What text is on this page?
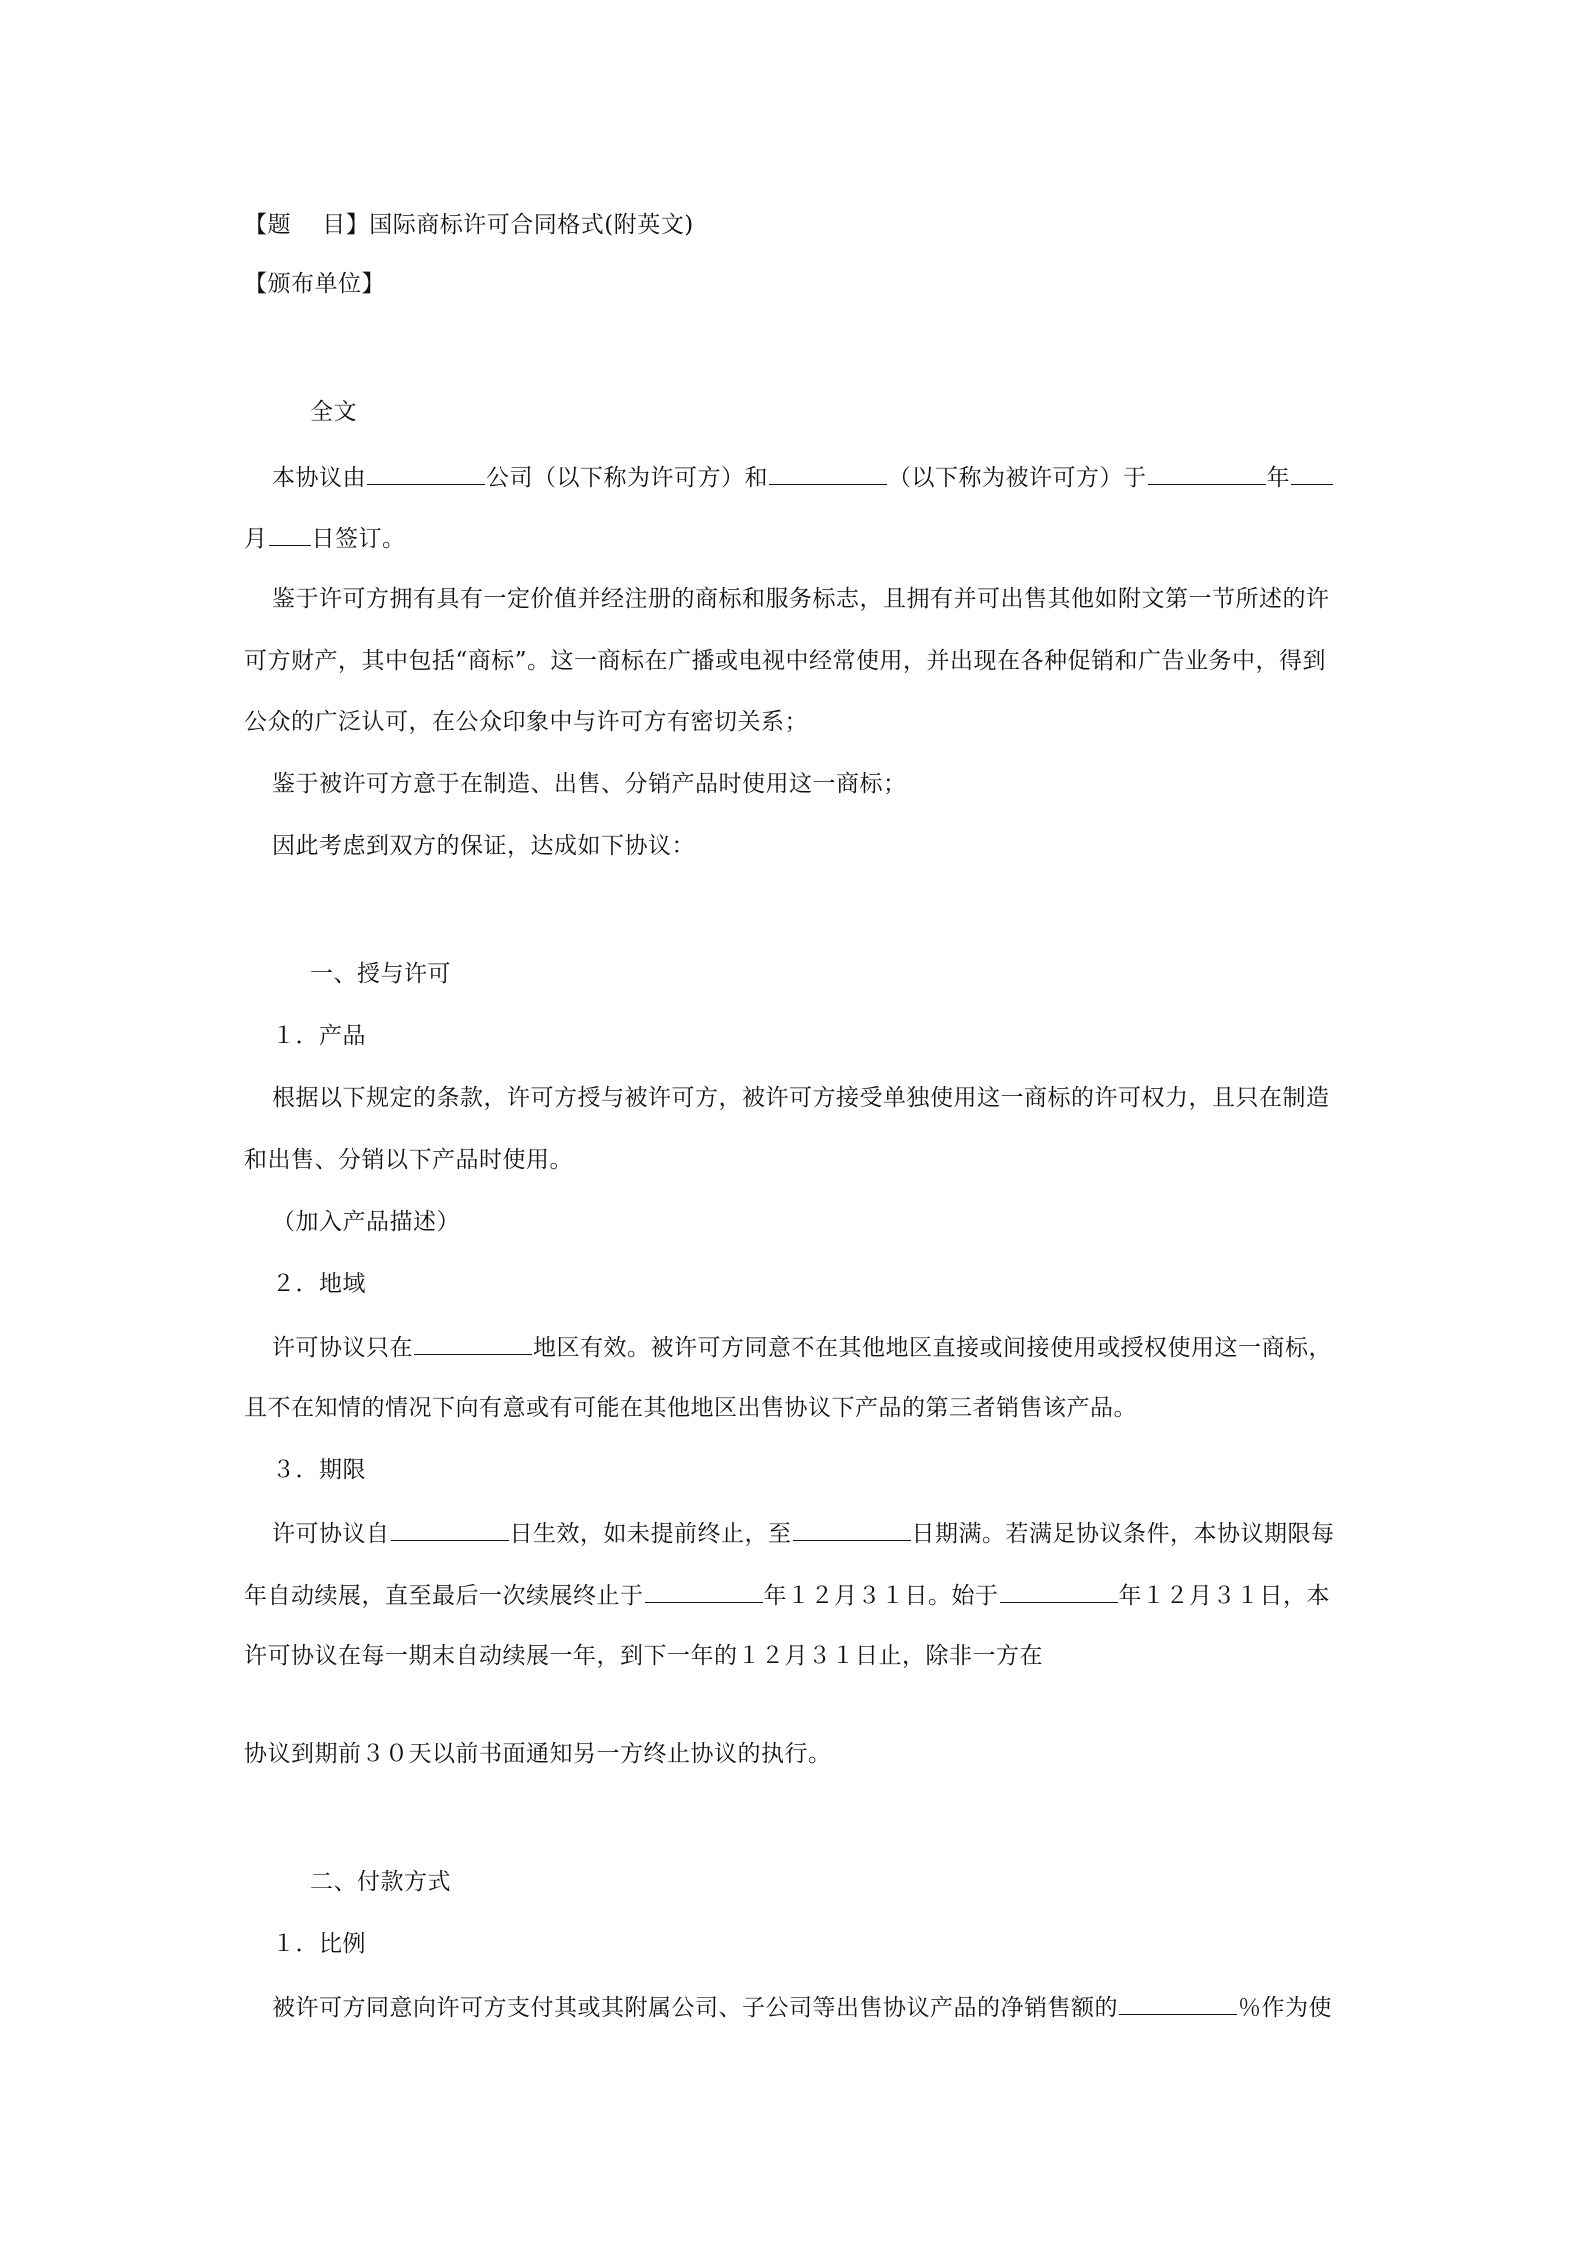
【题　 目】国际商标许可合同格式(附英文)
【颁布单位】
全文
本协议由	公司（以下称为许可方）和	（以下称为被许可方）于	年
月 日签订。
鉴于许可方拥有具有一定价值并经注册的商标和服务标志，且拥有并可出售其他如附文第一节所述的许
可方财产，其中包括“商标”。这一商标在广播或电视中经常使用，并出现在各种促销和广告业务中，得到
公众的广泛认可，在公众印象中与许可方有密切关系；
鉴于被许可方意于在制造、出售、分销产品时使用这一商标；
因此考虑到双方的保证，达成如下协议：
一、授与许可
１．产品
根据以下规定的条款，许可方授与被许可方，被许可方接受单独使用这一商标的许可权力，且只在制造
和出售、分销以下产品时使用。
（加入产品描述）
２．地域
许可协议只在	地区有效。被许可方同意不在其他地区直接或间接使用或授权使用这一商标，
且不在知情的情况下向有意或有可能在其他地区出售协议下产品的第三者销售该产品。
３．期限
许可协议自	日生效，如未提前终止，至	日期满。若满足协议条件，本协议期限每
年自动续展，直至最后一次续展终止于	年１２月３１日。始于	年１２月３１日，本
许可协议在每一期末自动续展一年，到下一年的１２月３１日止，除非一方在
协议到期前３０天以前书面通知另一方终止协议的执行。
二、付款方式
１．比例
被许可方同意向许可方支付其或其附属公司、子公司等出售协议产品的净销售额的	％作为使
